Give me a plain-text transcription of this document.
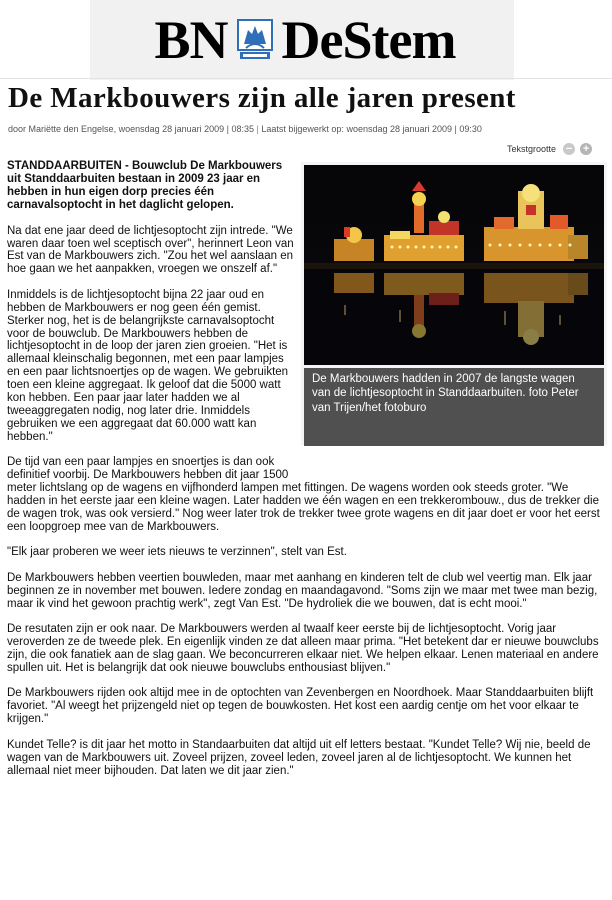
BN DeStem
De Markbouwers zijn alle jaren present
door Mariëtte den Engelse, woensdag 28 januari 2009 | 08:35 | Laatst bijgewerkt op: woensdag 28 januari 2009 | 09:30
Tekstgrootte − +

STANDDAARBUITEN - Bouwclub De Markbouwers uit Standdaarbuiten bestaan in 2009 23 jaar en hebben in hun eigen dorp precies één carnavalsoptocht in het daglicht gelopen.

Na dat ene jaar deed de lichtjesoptocht zijn intrede. "We waren daar toen wel sceptisch over", herinnert Leon van Est van de Markbouwers zich. "Zou het wel aanslaan en hoe gaan we het aanpakken, vroegen we onszelf af."

Inmiddels is de lichtjesoptocht bijna 22 jaar oud en hebben de Markbouwers er nog geen één gemist. Sterker nog, het is de belangrijkste carnavalsoptocht voor de bouwclub. De Markbouwers hebben de lichtjesoptocht in de loop der jaren zien groeien. "Het is allemaal kleinschalig begonnen, met een paar lampjes en een paar lichtsnoertjes op de wagen. We gebruikten toen een kleine aggregaat. Ik geloof dat die 5000 watt kon hebben. Een paar jaar later hadden we al tweeaggregaten nodig, nog later drie. Inmiddels gebruiken we een aggregaat dat 60.000 watt kan hebben."

De tijd van een paar lampjes en snoertjes is dan ook definitief voorbij. De Markbouwers hebben dit jaar 1500 meter lichtslang op de wagens en vijfhonderd lampen met fittingen. De wagens worden ook steeds groter. "We hadden in het eerste jaar een kleine wagen. Later hadden we één wagen en een trekkerombouw., dus de trekker die de wagen trok, was ook versierd." Nog weer later trok de trekker twee grote wagens en dit jaar doet er voor het eerst een loopgroep mee van de Markbouwers.

"Elk jaar proberen we weer iets nieuws te verzinnen", stelt van Est.

De Markbouwers hebben veertien bouwleden, maar met aanhang en kinderen telt de club wel veertig man. Elk jaar beginnen ze in november met bouwen. Iedere zondag en maandagavond. "Soms zijn we maar met twee man bezig, maar ik vind het gewoon prachtig werk", zegt Van Est. "De hydroliek die we bouwen, dat is echt mooi."

De resutaten zijn er ook naar. De Markbouwers werden al twaalf keer eerste bij de lichtjesoptocht. Vorig jaar veroverden ze de tweede plek. En eigenlijk vinden ze dat alleen maar prima. "Het betekent dar er nieuwe bouwclubs zijn, die ook fanatiek aan de slag gaan. We beconcurreren elkaar niet. We helpen elkaar. Lenen materiaal en andere spullen uit. Het is belangrijk dat ook nieuwe bouwclubs enthousiast blijven."

De Markbouwers rijden ook altijd mee in de optochten van Zevenbergen en Noordhoek. Maar Standdaarbuiten blijft favoriet. "Al weegt het prijzengeld niet op tegen de bouwkosten. Het kost een aardig centje om het voor elkaar te krijgen."

Kundet Telle? is dit jaar het motto in Standaarbuiten dat altijd uit elf letters bestaat. "Kundet Telle? Wij nie, beeld de wagen van de Markbouwers uit. Zoveel prijzen, zoveel leden, zoveel jaren al de lichtjesoptocht. We kunnen het allemaal niet meer bijhouden. Dat laten we dit jaar zien."

De Markbouwers hadden in 2007 de langste wagen van de lichtjesoptocht in Standdaarbuiten. foto Peter van Trijen/het fotoburo
